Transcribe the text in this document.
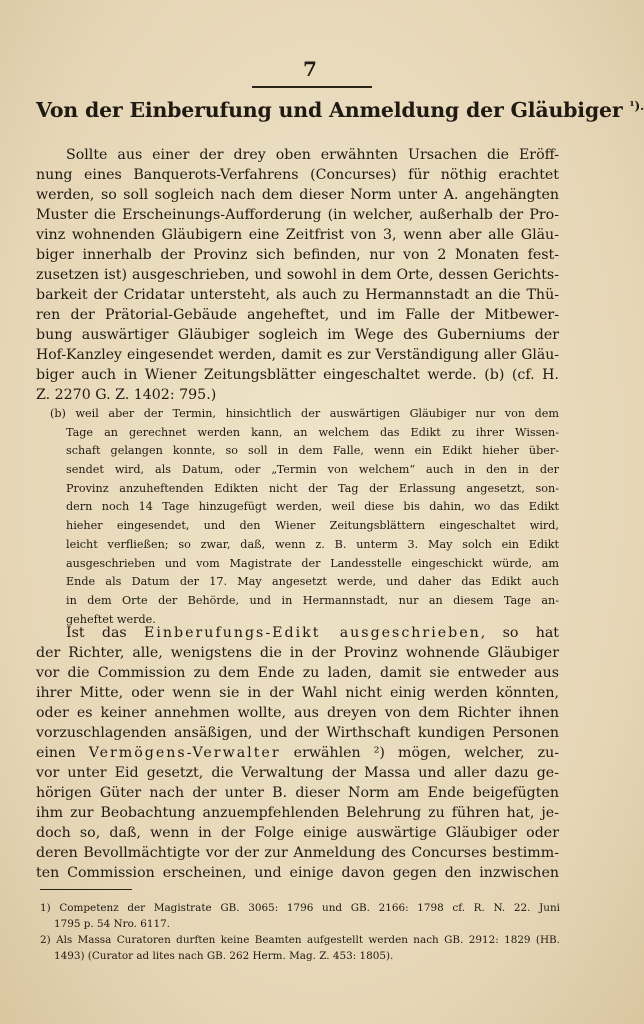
7
Von der Einberufung und Anmeldung der Gläubiger $^{^1).}$
Sollte aus einer der drey oben erwähnten Ursachen die Eröff-
nung eines Banquerots-Verfahrens (Concurses) für nöthig erachtet
werden, so soll sogleich nach dem dieser Norm unter A. angehängten
Muster die Erscheinungs-Aufforderung (in welcher, außerhalb der Pro-
vinz wohnenden Gläubigern eine Zeitfrist von 3, wenn aber alle Gläu-
biger innerhalb der Provinz sich befinden, nur von 2 Monaten fest-
zusetzen ist) ausgeschrieben, und sowohl in dem Orte, dessen Gerichts-
barkeit der Cridatar untersteht, als auch zu Hermannstadt an die Thü-
ren der Prätorial-Gebäude angeheftet, und im Falle der Mitbewer-
bung auswärtiger Gläubiger sogleich im Wege des Guberniums der
Hof-Kanzley eingesendet werden, damit es zur Verständigung aller Gläu-
biger auch in Wiener Zeitungsblätter eingeschaltet werde. (b) (cf. H.
Z. 2270 G. Z. 1402: 795.)
(b) weil aber der Termin, hinsichtlich der auswärtigen Gläubiger nur von dem
Tage an gerechnet werden kann, an welchem das Edikt zu ihrer Wissen-
schaft gelangen konnte, so soll in dem Falle, wenn ein Edikt hieher über-
sendet wird, als Datum, oder „Termin von welchem“ auch in den in der
Provinz anzuheftenden Edikten nicht der Tag der Erlassung angesetzt, son-
dern noch 14 Tage hinzugefügt werden, weil diese bis dahin, wo das Edikt
hieher eingesendet, und den Wiener Zeitungsblättern eingeschaltet wird,
leicht verfließen; so zwar, daß, wenn z. B. unterm 3. May solch ein Edikt
ausgeschrieben und vom Magistrate der Landesstelle eingeschickt würde, am
Ende als Datum der 17. May angesetzt werde, und daher das Edikt auch
in dem Orte der Behörde, und in Hermannstadt, nur an diesem Tage an-
geheftet werde.
Ist das Einberufungs-Edikt ausgeschrieben, so hat
der Richter, alle, wenigstens die in der Provinz wohnende Gläubiger
vor die Commission zu dem Ende zu laden, damit sie entweder aus
ihrer Mitte, oder wenn sie in der Wahl nicht einig werden könnten,
oder es keiner annehmen wollte, aus dreyen von dem Richter ihnen
vorzuschlagenden ansäßigen, und der Wirthschaft kundigen Personen
einen Vermögens-Verwalter erwählen ²) mögen, welcher, zu-
vor unter Eid gesetzt, die Verwaltung der Massa und aller dazu ge-
hörigen Güter nach der unter B. dieser Norm am Ende beigefügten
ihm zur Beobachtung anzuempfehlenden Belehrung zu führen hat, je-
doch so, daß, wenn in der Folge einige auswärtige Gläubiger oder
deren Bevollmächtigte vor der zur Anmeldung des Concurses bestimm-
ten Commission erscheinen, und einige davon gegen den inzwischen
1) Competenz der Magistrate GB. 3065: 1796 und GB. 2166: 1798 cf. R. N. 22. Juni
1795 p. 54 Nro. 6117.
2) Als Massa Curatoren durften keine Beamten aufgestellt werden nach GB. 2912: 1829 (HB.
1493) (Curator ad lites nach GB. 262 Herm. Mag. Z. 453: 1805).
